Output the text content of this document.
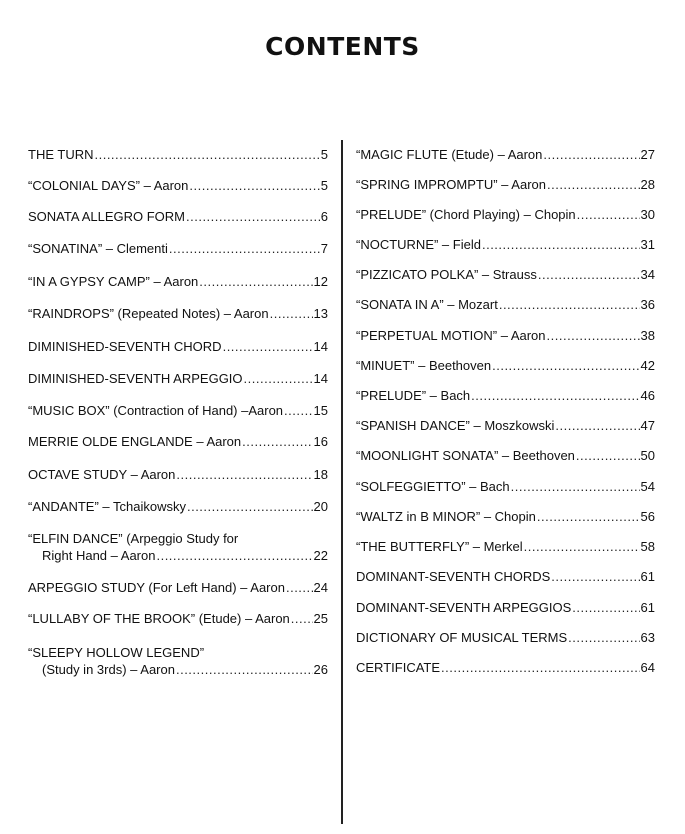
CONTENTS
THE TURN .....	5
“COLONIAL DAYS” – Aaron .....	5
SONATA ALLEGRO FORM .....	6
“SONATINA” – Clementi .....	7
“IN A GYPSY CAMP” – Aaron .....	12
“RAINDROPS” (Repeated Notes) – Aaron .....	13
DIMINISHED-SEVENTH CHORD .....	14
DIMINISHED-SEVENTH ARPEGGIO .....	14
“MUSIC BOX” (Contraction of Hand) –Aaron ..... 15
MERRIE OLDE ENGLANDE – Aaron .....	16
OCTAVE STUDY – Aaron .....	18
“ANDANTE” – Tchaikowsky .....	20
“ELFIN DANCE” (Arpeggio Study for
Right Hand – Aaron .....	22
ARPEGGIO STUDY (For Left Hand) – Aaron ..... 24
“LULLABY OF THE BROOK” (Etude) – Aaron ..... 25
“SLEEPY HOLLOW LEGEND”
(Study in 3rds) – Aaron .....	26
“MAGIC FLUTE (Etude) – Aaron .....	27
“SPRING IMPROMPTU” – Aaron .....	28
“PRELUDE” (Chord Playing) – Chopin .....	30
“NOCTURNE” – Field .....	31
“PIZZICATO POLKA” – Strauss .....	34
“SONATA IN A” – Mozart .....	36
“PERPETUAL MOTION” – Aaron .....	38
“MINUET” – Beethoven .....	42
“PRELUDE” – Bach .....	46
“SPANISH DANCE” – Moszkowski .....	47
“MOONLIGHT SONATA” – Beethoven .....	50
“SOLFEGGIETTO” – Bach .....	54
“WALTZ in B MINOR” – Chopin .....	56
“THE BUTTERFLY” – Merkel .....	58
DOMINANT-SEVENTH CHORDS .....	61
DOMINANT-SEVENTH ARPEGGIOS .....	61
DICTIONARY OF MUSICAL TERMS .....	63
CERTIFICATE .....	64
